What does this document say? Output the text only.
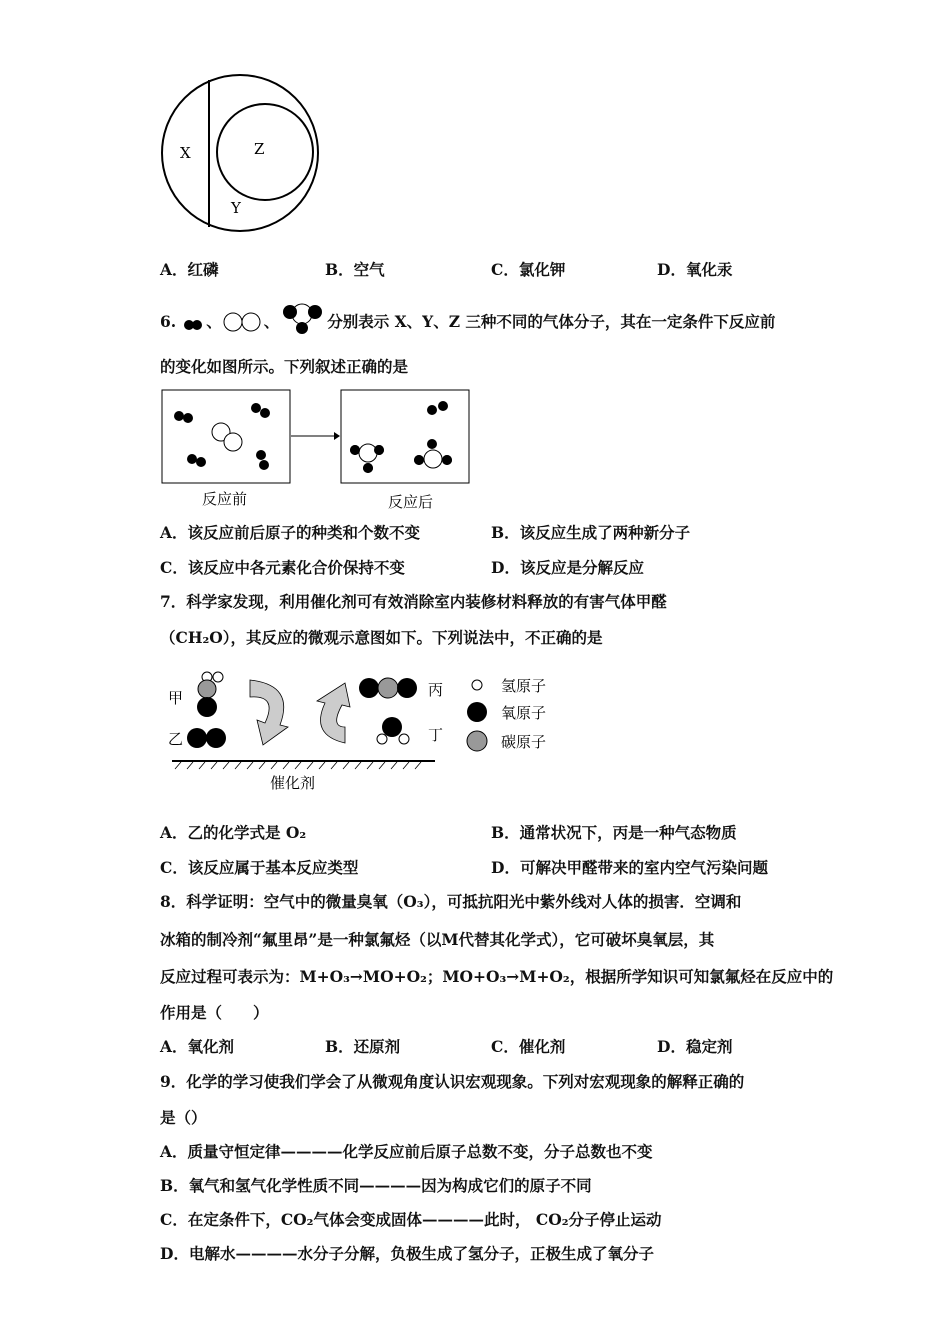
X	Z
Y
A．红磷	B．空气	C．氯化钾	D．氧化汞
6. 、	、	分别表示 X、Y、Z 三种不同的气体分子，其在一定条件下反应前
的变化如图所示。下列叙述正确的是
反应前	反应后
A．该反应前后原子的种类和个数不变	B．该反应生成了两种新分子
C．该反应中各元素化合价保持不变	D．该反应是分解反应
7．科学家发现，利用催化剂可有效消除室内装修材料释放的有害气体甲醛
（CH₂O），其反应的微观示意图如下。下列说法中，不正确的是
甲
乙
丙
丁
催化剂
氢原子
氧原子
碳原子
A．乙的化学式是 O₂	B．通常状况下，丙是一种气态物质
C．该反应属于基本反应类型	D．可解决甲醛带来的室内空气污染问题
8．科学证明：空气中的微量臭氧（O₃），可抵抗阳光中紫外线对人体的损害．空调和
冰箱的制冷剂“氟里昂”是一种氯氟烃（以M代替其化学式），它可破坏臭氧层，其
反应过程可表示为：M+O₃→MO+O₂；MO+O₃→M+O₂，根据所学知识可知氯氟烃在反应中的
作用是（　　）
A．氧化剂	B．还原剂	C．催化剂	D．稳定剂
9．化学的学习使我们学会了从微观角度认识宏观现象。下列对宏观现象的解释正确的
是（）
A．质量守恒定律————化学反应前后原子总数不变，分子总数也不变
B．氧气和氢气化学性质不同————因为构成它们的原子不同
C．在定条件下，CO₂气体会变成固体————此时， CO₂分子停止运动
D．电解水————水分子分解，负极生成了氢分子，正极生成了氧分子
